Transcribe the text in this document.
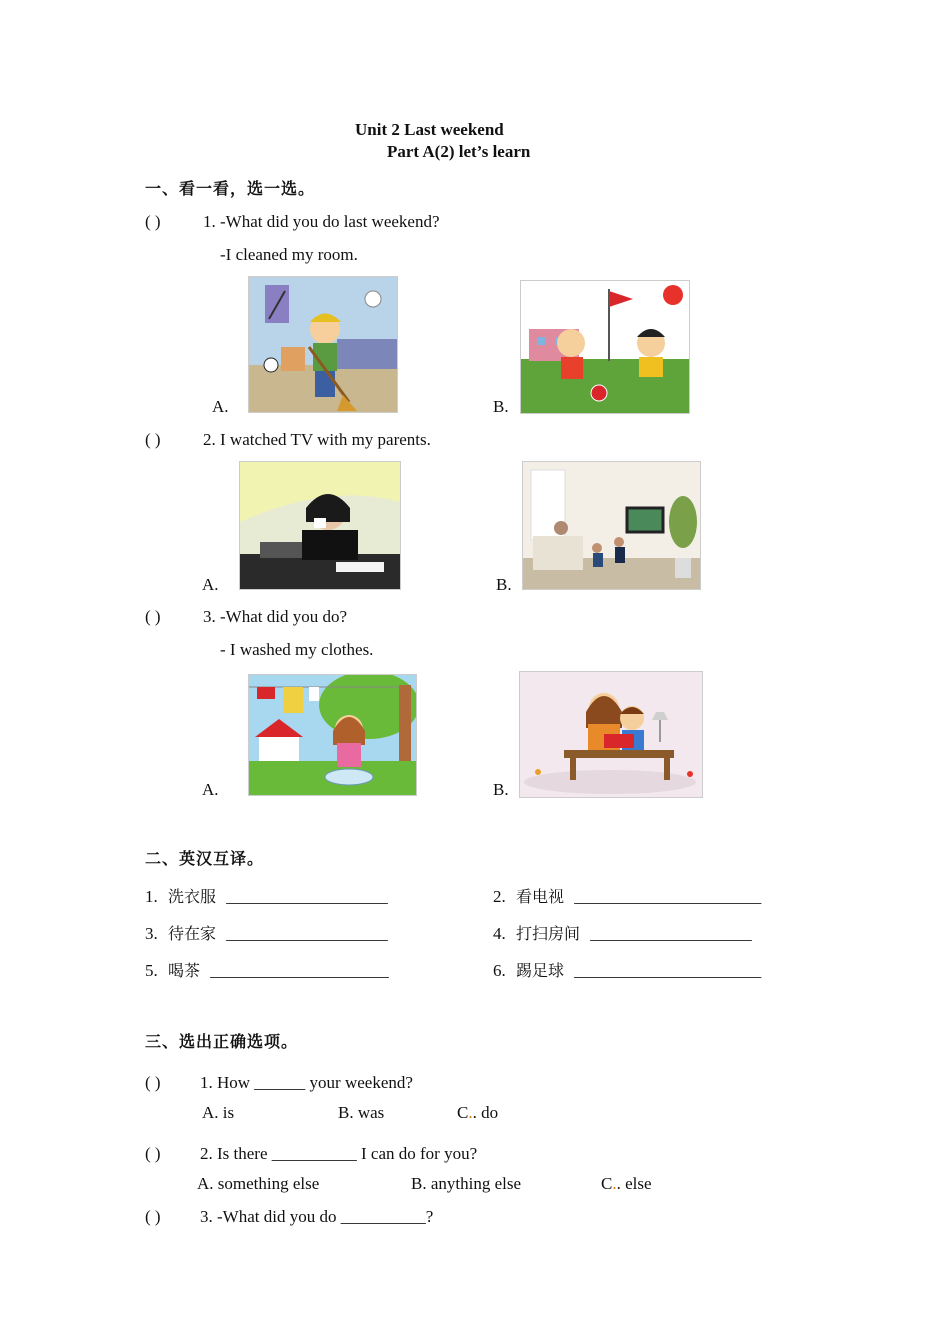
Unit 2 Last weekend
Part A(2) let’s learn
一、看一看，选一选。
( ) 1. -What did you do last weekend?
-I cleaned my room.
A.	B.
( ) 2. I watched TV with my parents.
A.	B.
( ) 3. -What did you do?
- I washed my clothes.
A.	B.
二、英汉互译。
1. 洗衣服 ___________________	2. 看电视 ______________________
3. 待在家 ___________________	4. 打扫房间 ___________________
5. 喝茶 _____________________	6. 踢足球 ______________________
三、选出正确选项。
( ) 1. How ______ your weekend?
A. is	B. was	C.. do
( ) 2. Is there __________ I can do for you?
A. something else	B. anything else	C.. else
( ) 3. -What did you do __________?
